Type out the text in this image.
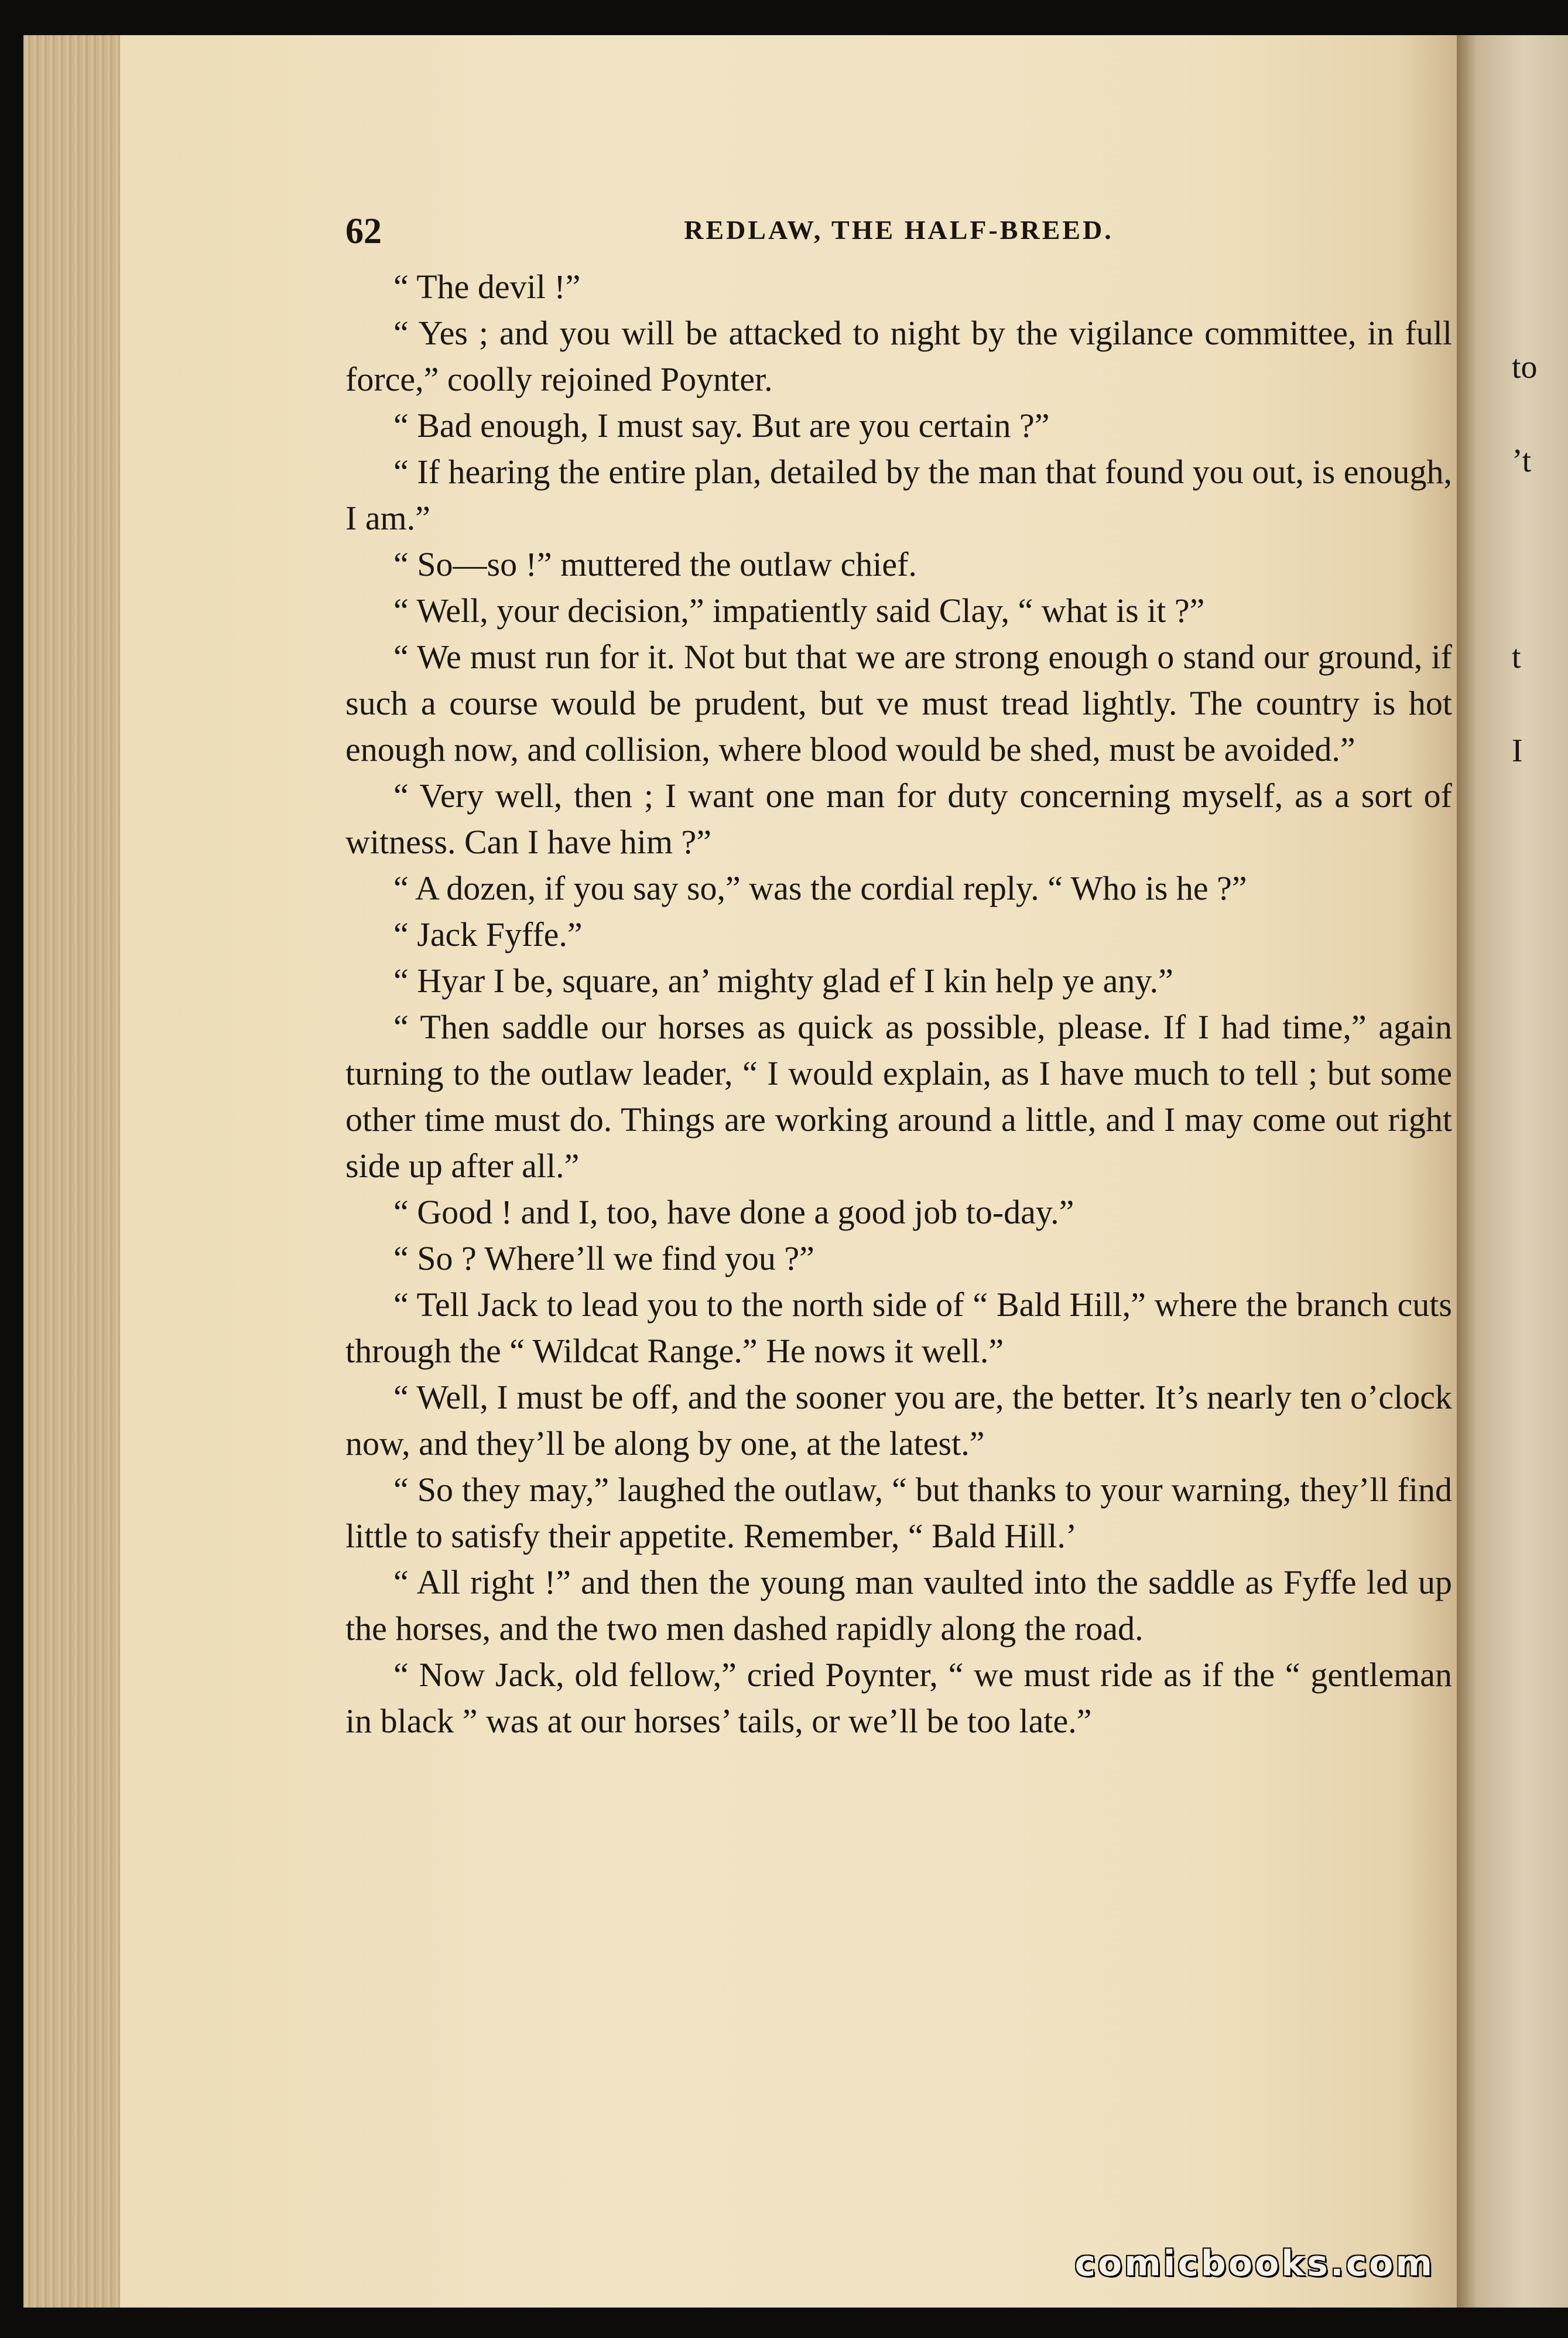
to
’t
t
I
62	REDLAW, THE HALF-BREED.

“ The devil !”

“ Yes ; and you will be attacked to night by the vigilance committee, in full force,” coolly rejoined Poynter.

“ Bad enough, I must say. But are you certain ?”

“ If hearing the entire plan, detailed by the man that found you out, is enough, I am.”

“ So—so !” muttered the outlaw chief.

“ Well, your decision,” impatiently said Clay, “ what is it ?”

“ We must run for it. Not but that we are strong enough o stand our ground, if such a course would be prudent, but ve must tread lightly. The country is hot enough now, and collision, where blood would be shed, must be avoided.”

“ Very well, then ; I want one man for duty concerning myself, as a sort of witness. Can I have him ?”

“ A dozen, if you say so,” was the cordial reply. “ Who is he ?”

“ Jack Fyffe.”

“ Hyar I be, square, an’ mighty glad ef I kin help ye any.”

“ Then saddle our horses as quick as possible, please. If I had time,” again turning to the outlaw leader, “ I would explain, as I have much to tell ; but some other time must do. Things are working around a little, and I may come out right side up after all.”

“ Good ! and I, too, have done a good job to-day.”

“ So ? Where’ll we find you ?”

“ Tell Jack to lead you to the north side of “ Bald Hill,” where the branch cuts through the “ Wildcat Range.” He nows it well.”

“ Well, I must be off, and the sooner you are, the better. It’s nearly ten o’clock now, and they’ll be along by one, at the latest.”

“ So they may,” laughed the outlaw, “ but thanks to your warning, they’ll find little to satisfy their appetite. Remember, “ Bald Hill.’

“ All right !” and then the young man vaulted into the saddle as Fyffe led up the horses, and the two men dashed rapidly along the road.

“ Now Jack, old fellow,” cried Poynter, “ we must ride as if the “ gentleman in black ” was at our horses’ tails, or we’ll be too late.”

comicbooks.com
